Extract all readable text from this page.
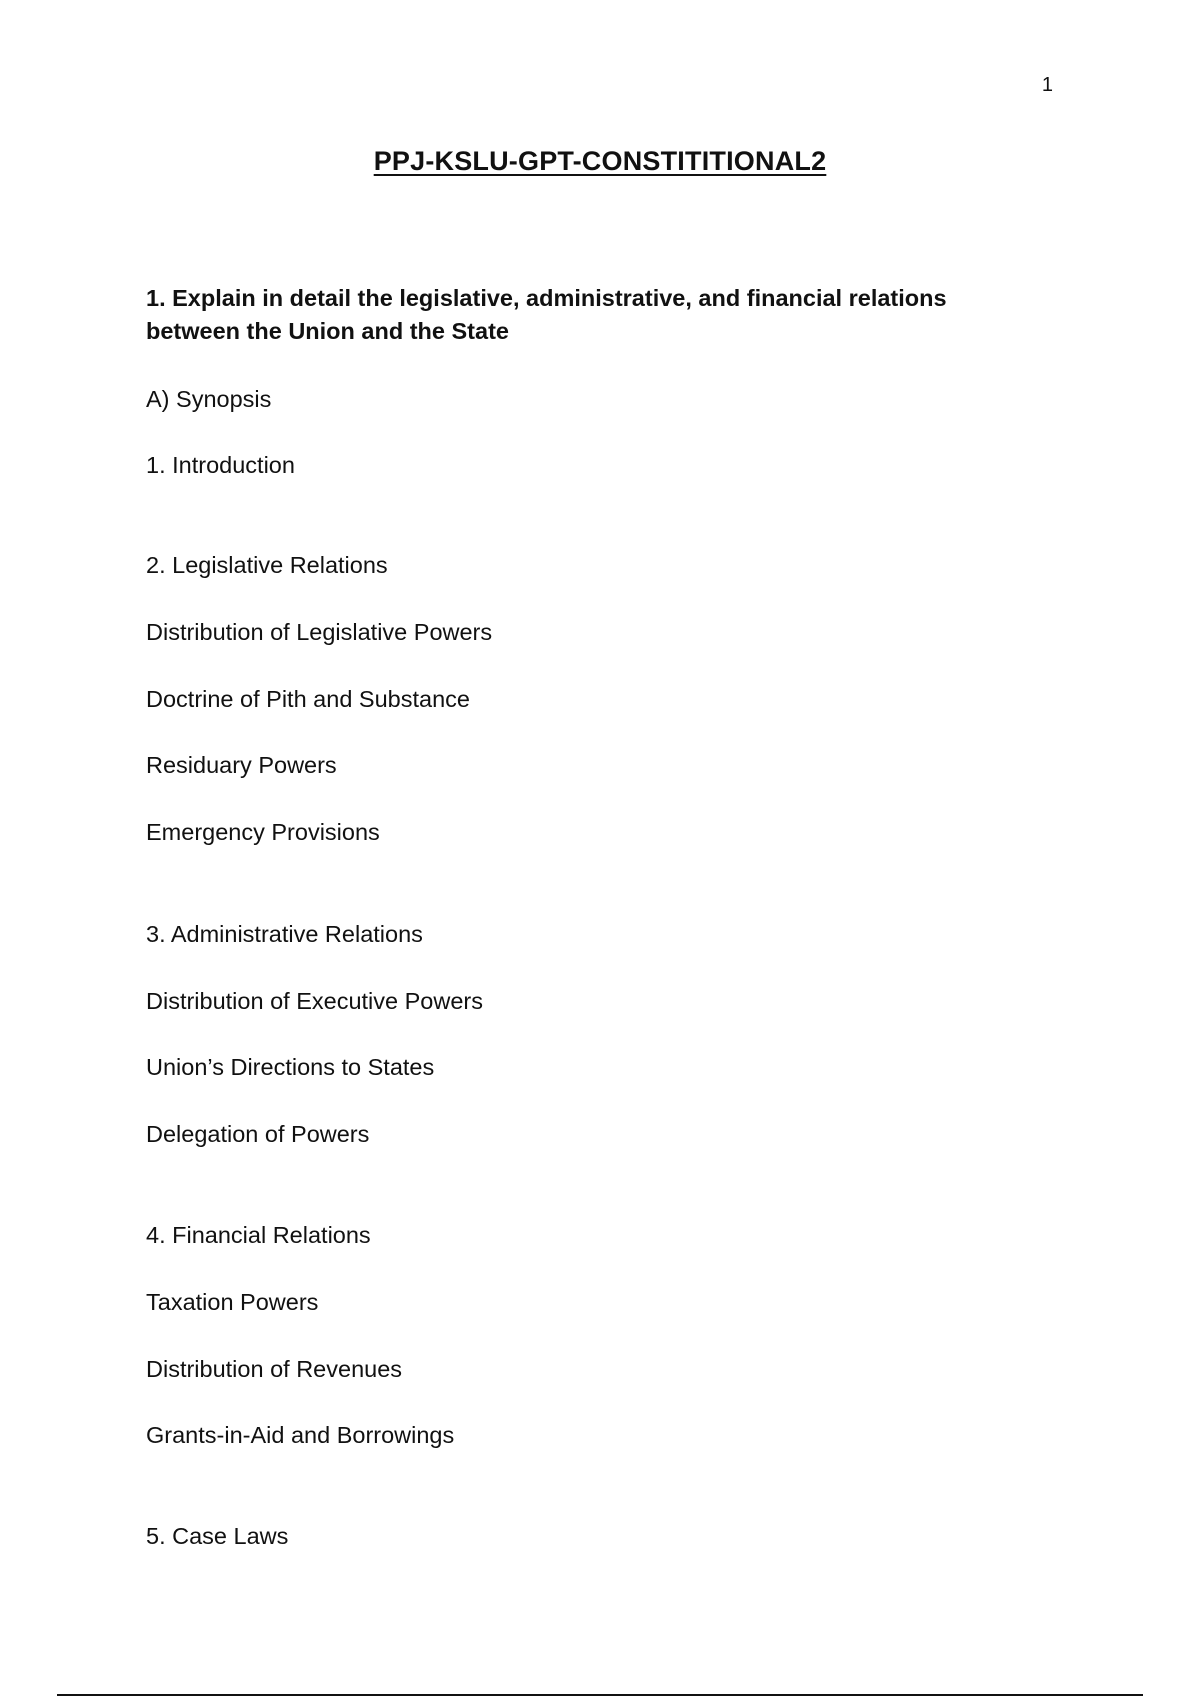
1
PPJ-KSLU-GPT-CONSTITITIONAL2
1. Explain in detail the legislative, administrative, and financial relations between the Union and the State
A) Synopsis
1. Introduction
2. Legislative Relations
Distribution of Legislative Powers
Doctrine of Pith and Substance
Residuary Powers
Emergency Provisions
3. Administrative Relations
Distribution of Executive Powers
Union’s Directions to States
Delegation of Powers
4. Financial Relations
Taxation Powers
Distribution of Revenues
Grants-in-Aid and Borrowings
5. Case Laws
